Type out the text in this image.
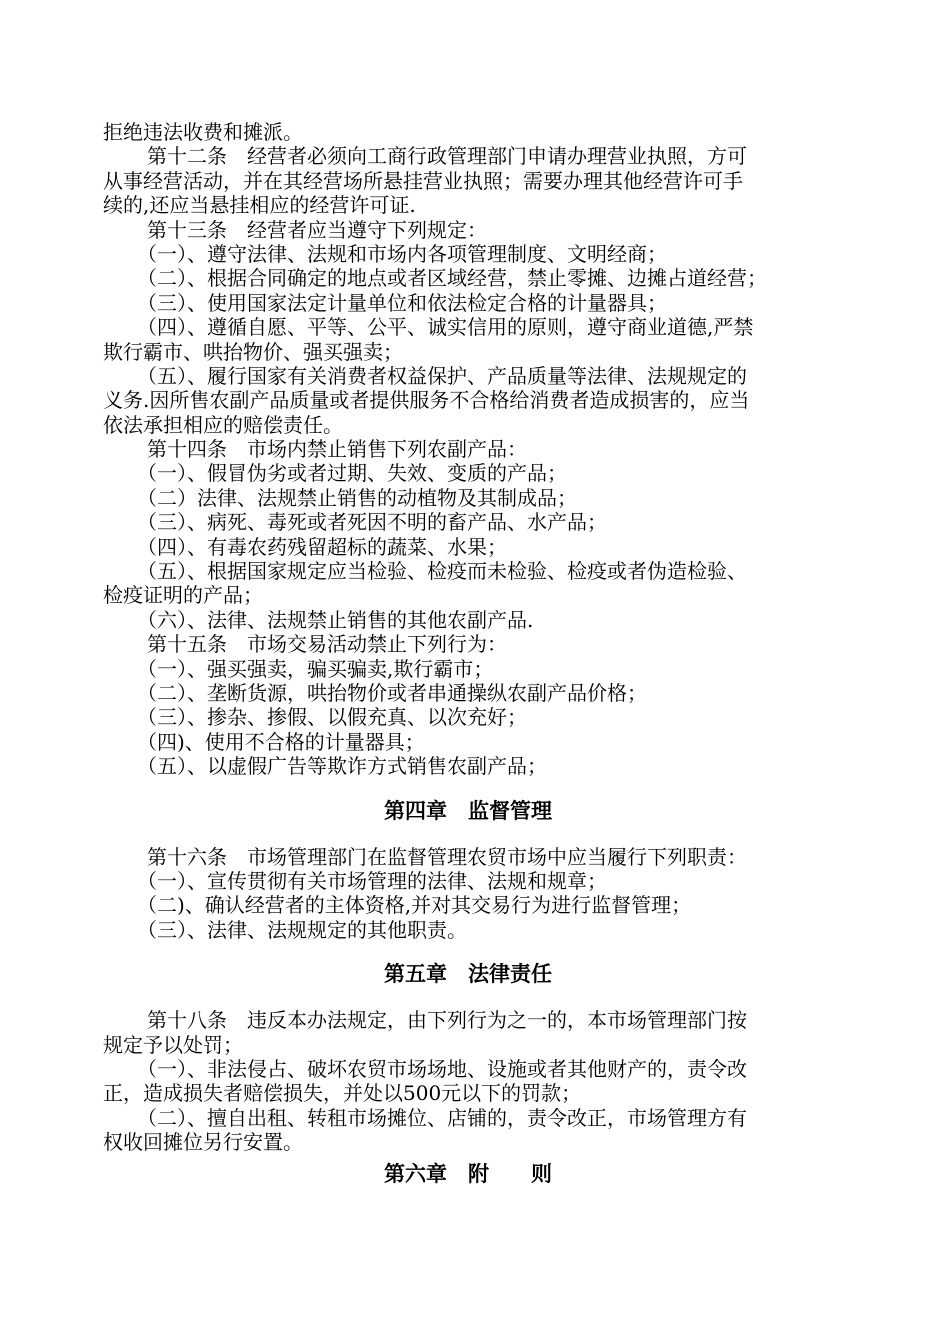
拒绝违法收费和摊派。
第十二条　经营者必须向工商行政管理部门申请办理营业执照，方可
从事经营活动，并在其经营场所悬挂营业执照；需要办理其他经营许可手
续的,还应当悬挂相应的经营许可证.
第十三条　经营者应当遵守下列规定：
（一）、遵守法律、法规和市场内各项管理制度、文明经商；
（二）、根据合同确定的地点或者区域经营，禁止零摊、边摊占道经营；
（三）、使用国家法定计量单位和依法检定合格的计量器具；
（四）、遵循自愿、平等、公平、诚实信用的原则，遵守商业道德,严禁
欺行霸市、哄抬物价、强买强卖；
（五）、履行国家有关消费者权益保护、产品质量等法律、法规规定的
义务.因所售农副产品质量或者提供服务不合格给消费者造成损害的，应当
依法承担相应的赔偿责任。
第十四条　市场内禁止销售下列农副产品：
（一）、假冒伪劣或者过期、失效、变质的产品；
（二）法律、法规禁止销售的动植物及其制成品；
（三）、病死、毒死或者死因不明的畜产品、水产品；
（四）、有毒农药残留超标的蔬菜、水果；
（五）、根据国家规定应当检验、检疫而未检验、检疫或者伪造检验、
检疫证明的产品；
（六）、法律、法规禁止销售的其他农副产品.
第十五条　市场交易活动禁止下列行为：
（一）、强买强卖，骗买骗卖,欺行霸市；
（二）、垄断货源，哄抬物价或者串通操纵农副产品价格；
（三）、掺杂、掺假、以假充真、以次充好；
（四)、使用不合格的计量器具；
（五）、以虚假广告等欺诈方式销售农副产品；
第四章　监督管理
第十六条　市场管理部门在监督管理农贸市场中应当履行下列职责：
（一）、宣传贯彻有关市场管理的法律、法规和规章；
（二)、确认经营者的主体资格,并对其交易行为进行监督管理；
（三）、法律、法规规定的其他职责。
第五章　法律责任
第十八条　违反本办法规定，由下列行为之一的，本市场管理部门按
规定予以处罚；
（一）、非法侵占、破坏农贸市场场地、设施或者其他财产的，责令改
正，造成损失者赔偿损失，并处以500元以下的罚款；
（二）、擅自出租、转租市场摊位、店铺的，责令改正，市场管理方有
权收回摊位另行安置。
第六章　附　　则
